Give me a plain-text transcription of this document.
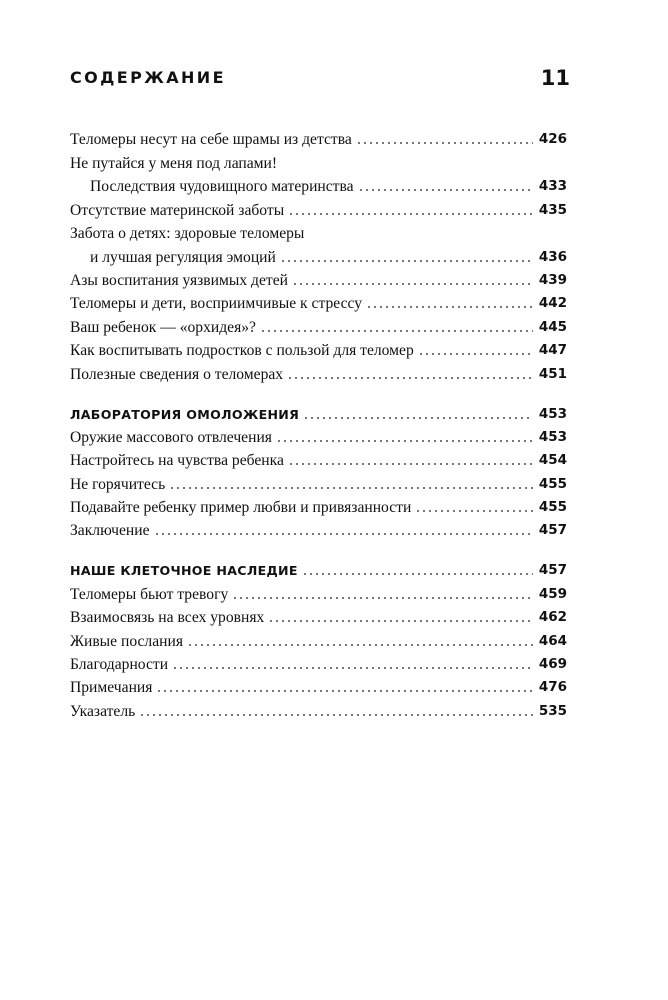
СОДЕРЖАНИЕ	11
Теломеры несут на себе шрамы из детства	426
Не путайся у меня под лапами!
Последствия чудовищного материнства	433
Отсутствие материнской заботы	435
Забота о детях: здоровые теломеры
и лучшая регуляция эмоций	436
Азы воспитания уязвимых детей	439
Теломеры и дети, восприимчивые к стрессу	442
Ваш ребенок — «орхидея»?	445
Как воспитывать подростков с пользой для теломер	447
Полезные сведения о теломерах	451
ЛАБОРАТОРИЯ ОМОЛОЖЕНИЯ	453
Оружие массового отвлечения	453
Настройтесь на чувства ребенка	454
Не горячитесь	455
Подавайте ребенку пример любви и привязанности	455
Заключение	457
НАШЕ КЛЕТОЧНОЕ НАСЛЕДИЕ	457
Теломеры бьют тревогу	459
Взаимосвязь на всех уровнях	462
Живые послания	464
Благодарности	469
Примечания	476
Указатель	535
